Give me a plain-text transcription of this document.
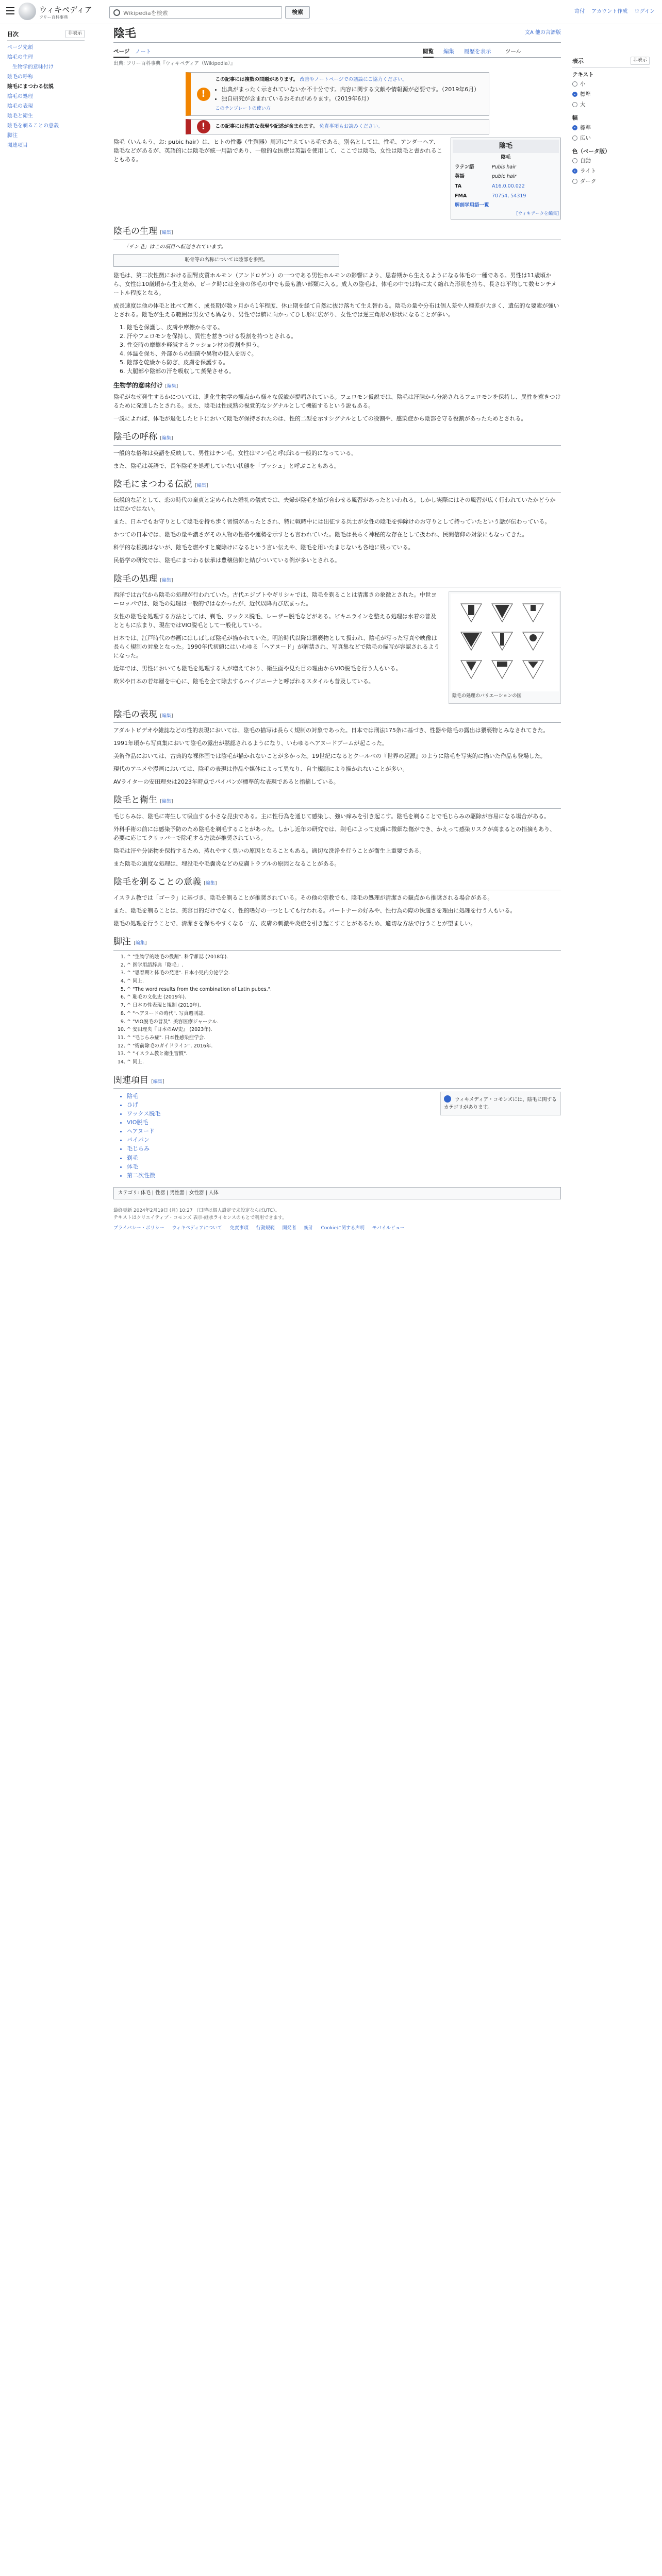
ウィキペディア
フリー百科事典
Wikipediaを検索
検索	寄付 アカウント作成 ログイン
目次	非表示
ページ先頭
陰毛の生理
生物学的意味付け
陰毛の呼称
陰毛にまつわる伝説
陰毛の処理
陰毛の表現
陰毛と衛生
陰毛を剃ることの意義
脚注
関連項目
表示	非表示
テキスト
小
標準
大
幅
標準
広い
色（ベータ版）
自動
ライト
ダーク
陰毛	文A 他の言語版
ページ ノート	閲覧 編集 履歴を表示	ツール
出典: フリー百科事典『ウィキペディア（Wikipedia）』
!
この記事には複数の問題があります。 改善やノートページでの議論にご協力ください。
• 出典がまったく示されていないか不十分です。内容に関する文献や情報源が必要です。（2019年6月）
• 独自研究が含まれているおそれがあります。（2019年6月）
このテンプレートの使い方
!	この記事には性的な表現や記述が含まれます。 免責事項もお読みください。
陰毛
陰毛
ラテン語	Pubis hair
英語	pubic hair
TA	A16.0.00.022
FMA	70754, 54319
解剖学用語一覧	
[ウィキデータを編集]

陰毛（いんもう、お: pubic hair）は、ヒトの性器（生殖器）周辺に生えている毛である。別名としては、性毛、アンダーヘア、陰毛などがあるが、英語的には陰毛が統一用語であり、一般的な医療は英語を使用して、ここでは陰毛、女性は陰毛と書かれることもある。

陰毛の生理 [編集]
「チン毛」はこの項目へ転送されています。
恥骨等の名称については陰部を参照。

陰毛は、第二次性徴における副腎皮質ホルモン（アンドロゲン）の一つである男性ホルモンの影響により、思春期から生えるようになる体毛の一種である。男性は11歳頃から、女性は10歳頃から生え始め、ピーク時には全身の体毛の中でも最も濃い部類に入る。成人の陰毛は、体毛の中では特に太く縮れた形状を持ち、長さは平均して数センチメートル程度となる。

成長速度は他の体毛と比べて遅く、成長期が数ヶ月から1年程度、休止期を経て自然に抜け落ちて生え替わる。陰毛の量や分布は個人差や人種差が大きく、遺伝的な要素が強いとされる。陰毛が生える範囲は男女でも異なり、男性では臍に向かってひし形に広がり、女性では逆三角形の形状になることが多い。

1. 陰毛を保護し、皮膚や摩擦から守る。
2. 汗やフェロモンを保持し、異性を惹きつける役割を持つとされる。
3. 性交時の摩擦を軽減するクッション材の役割を担う。
4. 体温を保ち、外部からの細菌や異物の侵入を防ぐ。
5. 陰部を乾燥から防ぎ、皮膚を保護する。
6. 大腿部や陰部の汗を吸収して蒸発させる。
生物学的意味付け [編集]

陰毛がなぜ発生するかについては、進化生物学の観点から様々な仮説が提唱されている。フェロモン仮説では、陰毛は汗腺から分泌されるフェロモンを保持し、異性を惹きつけるために発達したとされる。また、陰毛は性成熟の視覚的なシグナルとして機能するという説もある。

一説によれば、体毛が退化したヒトにおいて陰毛が保持されたのは、性的二型を示すシグナルとしての役割や、感染症から陰部を守る役割があったためとされる。

陰毛の呼称 [編集]

一般的な俗称は英語を反映して、男性はチン毛、女性はマン毛と呼ばれる一般的になっている。

また、陰毛は英語で、長年陰毛を処理していない状態を「ブッシュ」と呼ぶこともある。

陰毛にまつわる伝説 [編集]

伝説的な話として、恋の時代の童貞と定められた婚礼の儀式では、夫婦が陰毛を結び合わせる風習があったといわれる。しかし実際にはその風習が広く行われていたかどうかは定かではない。

また、日本でもお守りとして陰毛を持ち歩く習慣があったとされ、特に戦時中には出征する兵士が女性の陰毛を弾除けのお守りとして持っていたという話が伝わっている。

かつての日本では、陰毛の量や濃さがその人物の性格や運勢を示すとも言われていた。陰毛は長らく神秘的な存在として扱われ、民間信仰の対象にもなってきた。

科学的な根拠はないが、陰毛を燃やすと魔除けになるという言い伝えや、陰毛を用いたまじないも各地に残っている。

民俗学の研究では、陰毛にまつわる伝承は豊穣信仰と結びついている例が多いとされる。

陰毛の処理 [編集]
陰毛の処理のバリエーションの図

西洋では古代から陰毛の処理が行われていた。古代エジプトやギリシャでは、陰毛を剃ることは清潔さの象徴とされた。中世ヨーロッパでは、陰毛の処理は一般的ではなかったが、近代以降再び広まった。

女性の陰毛を処理する方法としては、剃毛、ワックス脱毛、レーザー脱毛などがある。ビキニラインを整える処理は水着の普及とともに広まり、現在ではVIO脱毛として一般化している。

日本では、江戸時代の春画にはしばしば陰毛が描かれていた。明治時代以降は猥褻物として扱われ、陰毛が写った写真や映像は長らく規制の対象となった。1990年代初頭にはいわゆる「ヘアヌード」が解禁され、写真集などで陰毛の描写が容認されるようになった。

近年では、男性においても陰毛を処理する人が増えており、衛生面や見た目の理由からVIO脱毛を行う人もいる。

欧米や日本の若年層を中心に、陰毛を全て除去するハイジニーナと呼ばれるスタイルも普及している。

陰毛の表現 [編集]

アダルトビデオや雑誌などの性的表現においては、陰毛の描写は長らく規制の対象であった。日本では刑法175条に基づき、性器や陰毛の露出は猥褻物とみなされてきた。

1991年頃から写真集において陰毛の露出が黙認されるようになり、いわゆるヘアヌードブームが起こった。

美術作品においては、古典的な裸体画では陰毛が描かれないことが多かった。19世紀になるとクールベの『世界の起源』のように陰毛を写実的に描いた作品も登場した。

現代のアニメや漫画においては、陰毛の表現は作品や媒体によって異なり、自主規制により描かれないことが多い。

AVライターの安田理央は2023年時点でパイパンが標準的な表現であると指摘している。

陰毛と衛生 [編集]

毛じらみは、陰毛に寄生して吸血する小さな昆虫である。主に性行為を通じて感染し、強い痒みを引き起こす。陰毛を剃ることで毛じらみの駆除が容易になる場合がある。

外科手術の前には感染予防のため陰毛を剃毛することがあった。しかし近年の研究では、剃毛によって皮膚に微細な傷ができ、かえって感染リスクが高まるとの指摘もあり、必要に応じてクリッパーで除毛する方法が推奨されている。

陰毛は汗や分泌物を保持するため、蒸れやすく臭いの原因となることもある。適切な洗浄を行うことが衛生上重要である。

また陰毛の過度な処理は、埋没毛や毛嚢炎などの皮膚トラブルの原因となることがある。

陰毛を剃ることの意義 [編集]

イスラム教では「ゴーラ」に基づき、陰毛を剃ることが推奨されている。その他の宗教でも、陰毛の処理が清潔さの観点から推奨される場合がある。

また、陰毛を剃ることは、美容目的だけでなく、性的嗜好の一つとしても行われる。パートナーの好みや、性行為の際の快適さを理由に処理を行う人もいる。

陰毛の処理を行うことで、清潔さを保ちやすくなる一方、皮膚の刺激や炎症を引き起こすことがあるため、適切な方法で行うことが望ましい。

脚注 [編集]
1. ^ "生物学的陰毛の役割". 科学雑誌 (2018年).
2. ^ 医学用語辞典「陰毛」.
3. ^ "思春期と体毛の発達". 日本小児内分泌学会.
4. ^ 同上.
5. ^ "The word results from the combination of Latin pubes.".
6. ^ 恥毛の文化史 (2019年).
7. ^ 日本の性表現と規制 (2010年).
8. ^ "ヘアヌードの時代". 写真週刊誌.
9. ^ "VIO脱毛の普及". 美容医療ジャーナル.
10. ^ 安田理央『日本のAV史』 (2023年).
11. ^ "毛じらみ症". 日本性感染症学会.
12. ^ "術前除毛のガイドライン". 2016年.
13. ^ "イスラム教と衛生習慣".
14. ^ 同上.
関連項目 [編集]
ウィキメディア・コモンズには、陰毛に関するカテゴリがあります。
• 陰毛
• ひげ
• ワックス脱毛
• VIO脱毛
• ヘアヌード
• パイパン
• 毛じらみ
• 剃毛
• 体毛
• 第二次性徴
カテゴリ: 体毛 | 性器 | 男性器 | 女性器 | 人体
最終更新 2024年2月19日 (月) 10:27 （日時は個人設定で未設定ならばUTC）。
テキストはクリエイティブ・コモンズ 表示-継承ライセンスのもとで利用できます。
プライバシー・ポリシー ウィキペディアについて 免責事項 行動規範 開発者 統計 Cookieに関する声明 モバイルビュー
